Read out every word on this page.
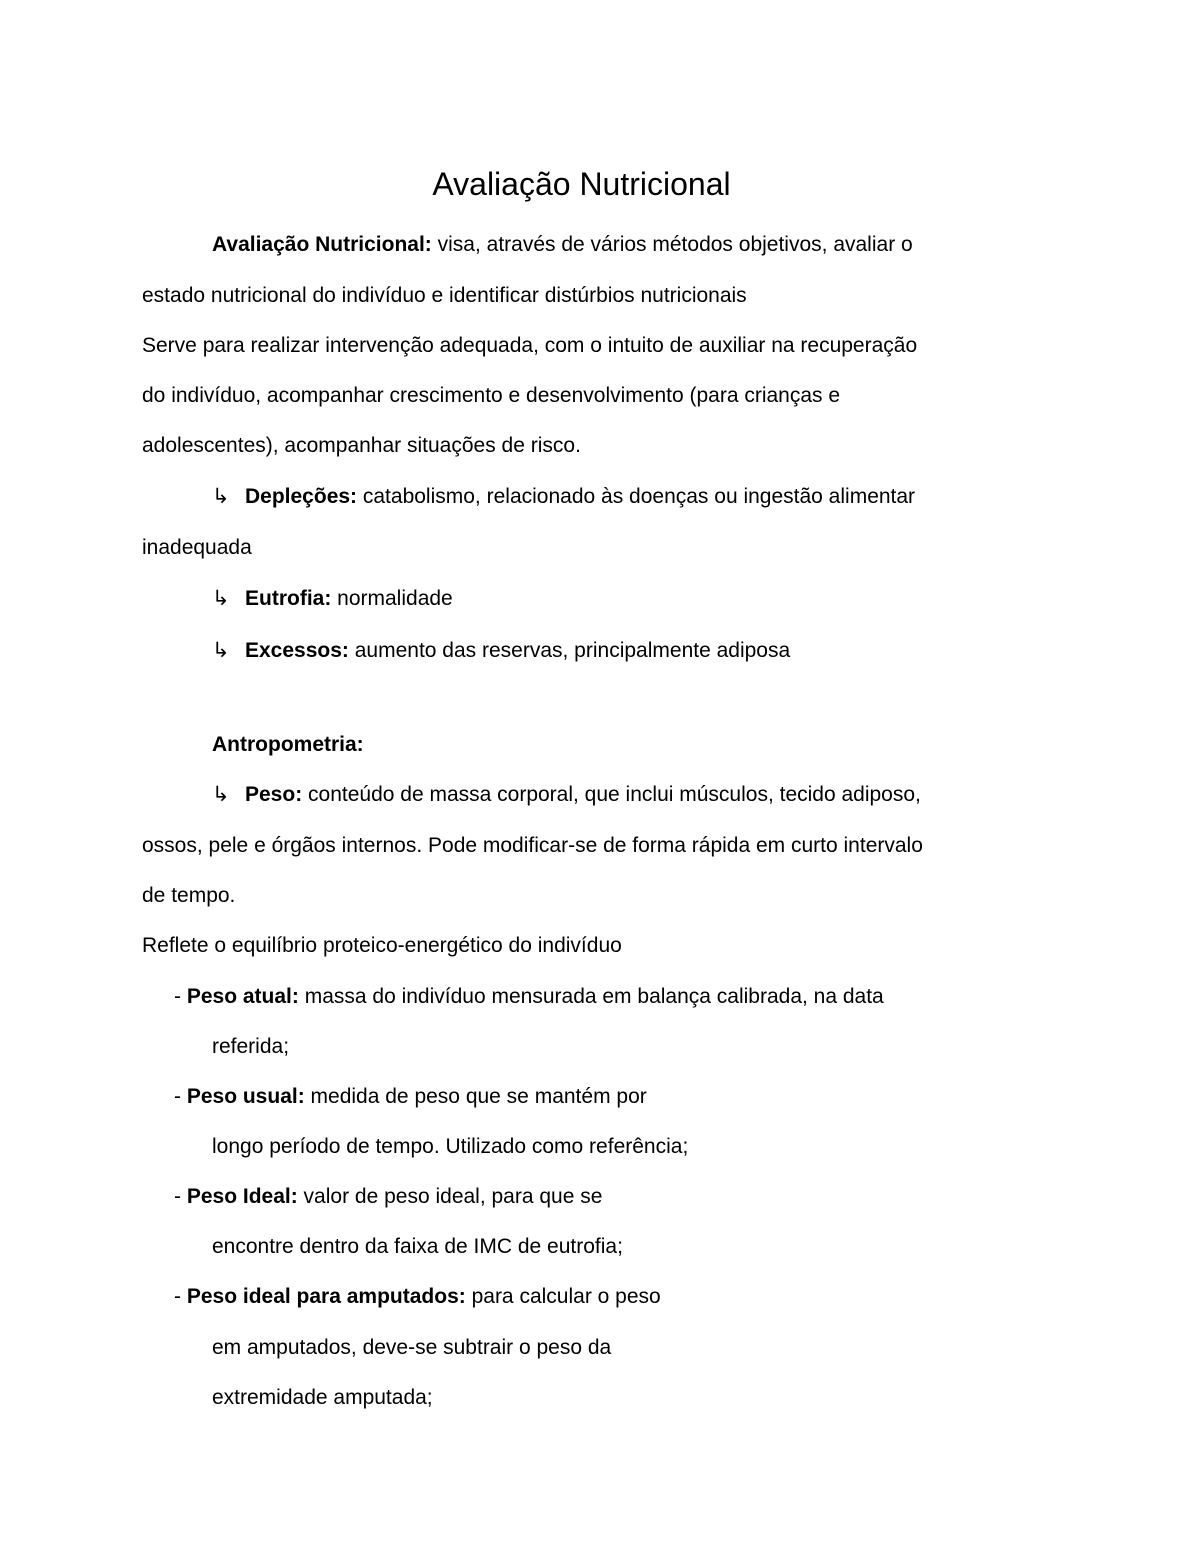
Avaliação Nutricional
Avaliação Nutricional: visa, através de vários métodos objetivos, avaliar o
estado nutricional do indivíduo e identificar distúrbios nutricionais
Serve para realizar intervenção adequada, com o intuito de auxiliar na recuperação
do indivíduo, acompanhar crescimento e desenvolvimento (para crianças e
adolescentes), acompanhar situações de risco.
↳ Depleções: catabolismo, relacionado às doenças ou ingestão alimentar
inadequada
↳ Eutrofia: normalidade
↳ Excessos: aumento das reservas, principalmente adiposa
Antropometria:
↳ Peso: conteúdo de massa corporal, que inclui músculos, tecido adiposo,
ossos, pele e órgãos internos. Pode modificar-se de forma rápida em curto intervalo
de tempo.
Reflete o equilíbrio proteico-energético do indivíduo
- Peso atual: massa do indivíduo mensurada em balança calibrada, na data
referida;
- Peso usual: medida de peso que se mantém por
longo período de tempo. Utilizado como referência;
- Peso Ideal: valor de peso ideal, para que se
encontre dentro da faixa de IMC de eutrofia;
- Peso ideal para amputados: para calcular o peso
em amputados, deve-se subtrair o peso da
extremidade amputada;
